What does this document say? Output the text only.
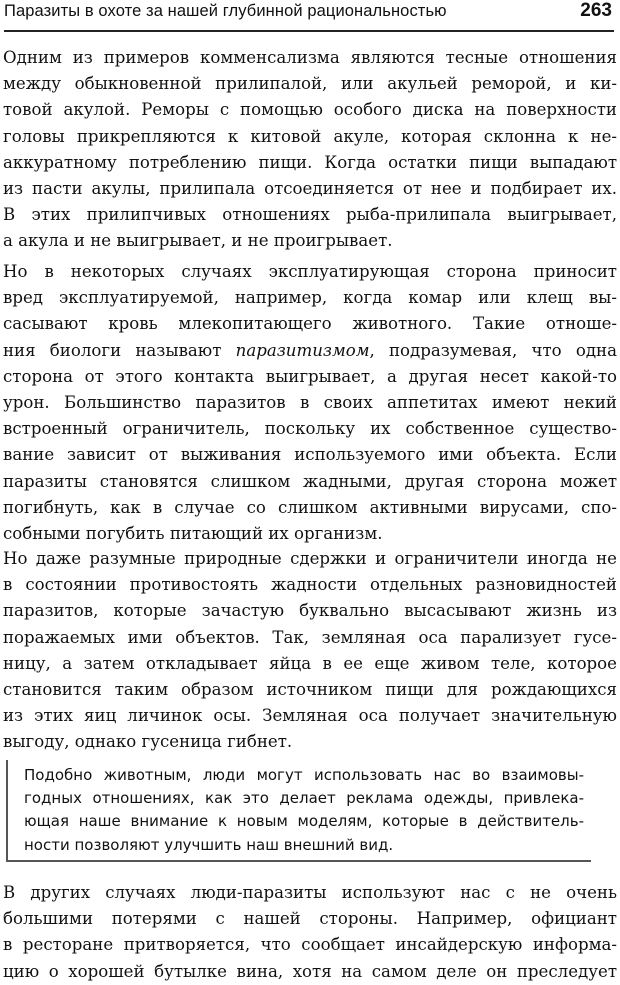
Паразиты в охоте за нашей глубинной рациональностью	263
Одним из примеров комменсализма являются тесные отношения
между обыкновенной прилипалой, или акульей реморой, и ки-
товой акулой. Реморы с помощью особого диска на поверхности
головы прикрепляются к китовой акуле, которая склонна к не-
аккуратному потреблению пищи. Когда остатки пищи выпадают
из пасти акулы, прилипала отсоединяется от нее и подбирает их.
В этих прилипчивых отношениях рыба-прилипала выигрывает,
а акула и не выигрывает, и не проигрывает.
Но в некоторых случаях эксплуатирующая сторона приносит
вред эксплуатируемой, например, когда комар или клещ вы-
сасывают кровь млекопитающего животного. Такие отноше-
ния биологи называют паразитизмом, подразумевая, что одна
сторона от этого контакта выигрывает, а другая несет какой-то
урон. Большинство паразитов в своих аппетитах имеют некий
встроенный ограничитель, поскольку их собственное существо-
вание зависит от выживания используемого ими объекта. Если
паразиты становятся слишком жадными, другая сторона может
погибнуть, как в случае со слишком активными вирусами, спо-
собными погубить питающий их организм.
Но даже разумные природные сдержки и ограничители иногда не
в состоянии противостоять жадности отдельных разновидностей
паразитов, которые зачастую буквально высасывают жизнь из
поражаемых ими объектов. Так, земляная оса парализует гусе-
ницу, а затем откладывает яйца в ее еще живом теле, которое
становится таким образом источником пищи для рождающихся
из этих яиц личинок осы. Земляная оса получает значительную
выгоду, однако гусеница гибнет.
Подобно животным, люди могут использовать нас во взаимовы-
годных отношениях, как это делает реклама одежды, привлека-
ющая наше внимание к новым моделям, которые в действитель-
ности позволяют улучшить наш внешний вид.
В других случаях люди-паразиты используют нас с не очень
большими потерями с нашей стороны. Например, официант
в ресторане притворяется, что сообщает инсайдерскую информа-
цию о хорошей бутылке вина, хотя на самом деле он преследует
